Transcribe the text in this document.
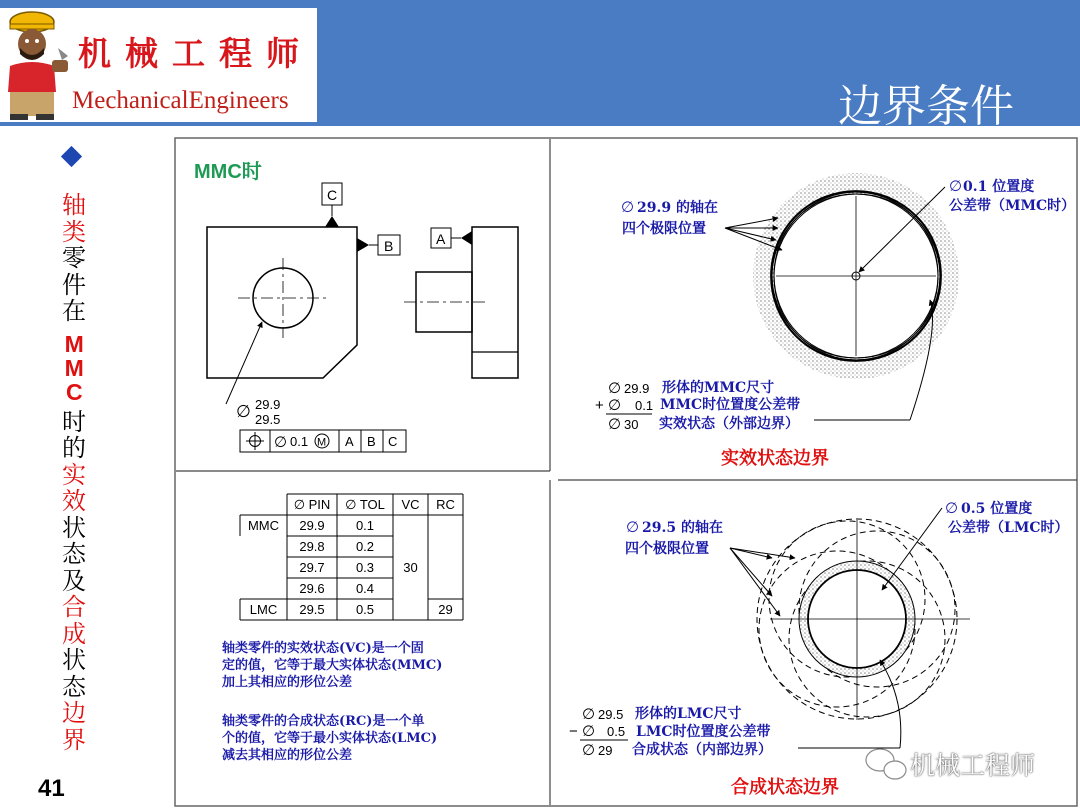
机械工程师
MechanicalEngineers	边界条件
轴
类
零
件
在
MMC
时
的
实
效
状
态
及
合
成
状
态
边
界
41
MMC时
C
B	A
∅ 29.9
29.5
∅ 0.1 M A B C
∅ 0.1 位置度
公差带（MMC时）
∅ 29.9 的轴在
四个极限位置
∅ 29.9 形体的MMC尺寸
+ ∅ 0.1 MMC时位置度公差带
∅ 30 实效状态（外部边界）
实效状态边界
∅ PIN ∅ TOL VC RC
MMC 29.9 0.1
29.8 0.2
29.7 0.3
29.6 0.4
LMC 29.5 0.5
30
29
轴类零件的实效状态(VC)是一个固
定的值，它等于最大实体状态(MMC)
加上其相应的形位公差
轴类零件的合成状态(RC)是一个单
个的值，它等于最小实体状态(LMC)
减去其相应的形位公差
∅ 0.5 位置度
公差带（LMC时）
∅ 29.5 的轴在
四个极限位置
∅ 29.5 形体的LMC尺寸
− ∅ 0.5 LMC时位置度公差带
∅ 29 合成状态（内部边界）
合成状态边界
机械工程师
